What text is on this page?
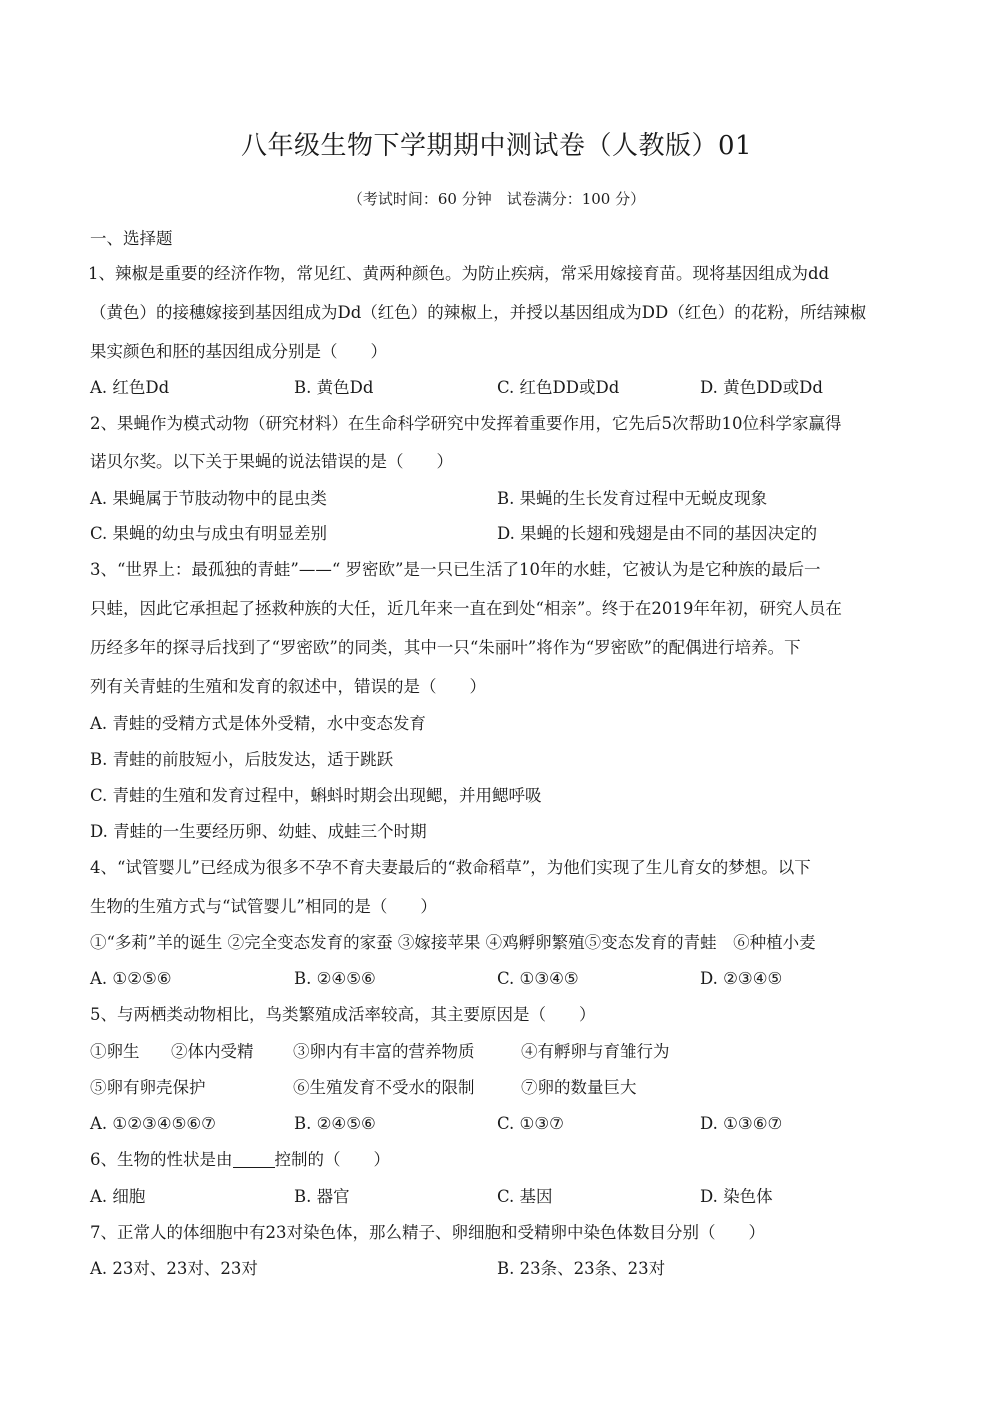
八年级生物下学期期中测试卷（人教版）01
（考试时间：60 分钟　试卷满分：100 分）
一、选择题
1、辣椒是重要的经济作物，常见红、黄两种颜色。为防止疾病，常采用嫁接育苗。现将基因组成为dd
（黄色）的接穗嫁接到基因组成为Dd（红色）的辣椒上，并授以基因组成为DD（红色）的花粉，所结辣椒
果实颜色和胚的基因组成分别是（　　）
A. 红色Dd	B. 黄色Dd	C. 红色DD或Dd	D. 黄色DD或Dd
2、果蝇作为模式动物（研究材料）在生命科学研究中发挥着重要作用，它先后5次帮助10位科学家赢得
诺贝尔奖。以下关于果蝇的说法错误的是（　　）
A. 果蝇属于节肢动物中的昆虫类	B. 果蝇的生长发育过程中无蜕皮现象
C. 果蝇的幼虫与成虫有明显差别	D. 果蝇的长翅和残翅是由不同的基因决定的
3、“世界上：最孤独的青蛙”——“ 罗密欧”是一只已生活了10年的水蛙，它被认为是它种族的最后一
只蛙，因此它承担起了拯救种族的大任，近几年来一直在到处“相亲”。终于在2019年年初，研究人员在
历经多年的探寻后找到了“罗密欧”的同类，其中一只“朱丽叶”将作为“罗密欧”的配偶进行培养。下
列有关青蛙的生殖和发育的叙述中，错误的是（　　）
A. 青蛙的受精方式是体外受精，水中变态发育
B. 青蛙的前肢短小，后肢发达，适于跳跃
C. 青蛙的生殖和发育过程中，蝌蚪时期会出现鳃，并用鳃呼吸
D. 青蛙的一生要经历卵、幼蛙、成蛙三个时期
4、“试管婴儿”已经成为很多不孕不育夫妻最后的“救命稻草”，为他们实现了生儿育女的梦想。以下
生物的生殖方式与“试管婴儿”相同的是（　　）
①“多莉”羊的诞生 ②完全变态发育的家蚕 ③嫁接苹果 ④鸡孵卵繁殖⑤变态发育的青蛙　⑥种植小麦
A. ①②⑤⑥	B. ②④⑤⑥	C. ①③④⑤	D. ②③④⑤
5、与两栖类动物相比，鸟类繁殖成活率较高，其主要原因是（　　）
①卵生 ②体内受精 ③卵内有丰富的营养物质	④有孵卵与育雏行为
⑤卵有卵壳保护	⑥生殖发育不受水的限制	⑦卵的数量巨大
A. ①②③④⑤⑥⑦	B. ②④⑤⑥	C. ①③⑦	D. ①③⑥⑦
6、生物的性状是由	控制的（　　）
A. 细胞	B. 器官	C. 基因	D. 染色体
7、正常人的体细胞中有23对染色体，那么精子、卵细胞和受精卵中染色体数目分别（　　）
A. 23对、23对、23对	B. 23条、23条、23对
